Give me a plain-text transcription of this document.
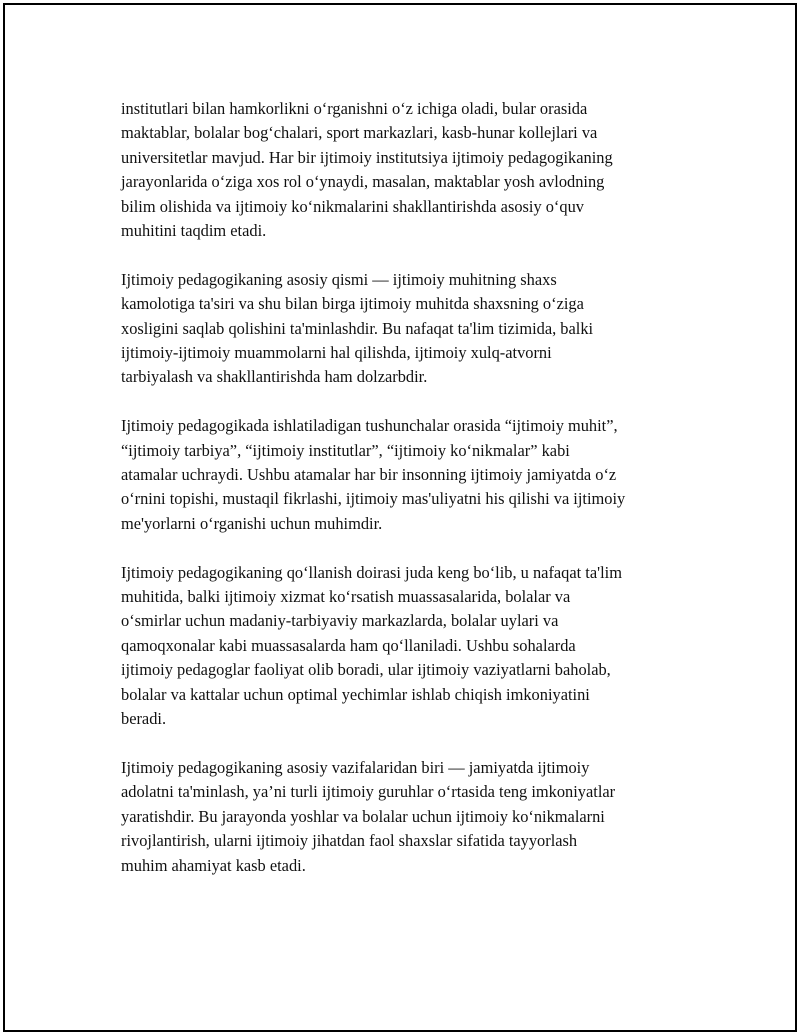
institutlari bilan hamkorlikni o‘rganishni o‘z ichiga oladi, bular orasida
maktablar, bolalar bog‘chalari, sport markazlari, kasb-hunar kollejlari va
universitetlar mavjud. Har bir ijtimoiy institutsiya ijtimoiy pedagogikaning
jarayonlarida o‘ziga xos rol o‘ynaydi, masalan, maktablar yosh avlodning
bilim olishida va ijtimoiy ko‘nikmalarini shakllantirishda asosiy o‘quv
muhitini taqdim etadi.

Ijtimoiy pedagogikaning asosiy qismi — ijtimoiy muhitning shaxs
kamolotiga ta'siri va shu bilan birga ijtimoiy muhitda shaxsning o‘ziga
xosligini saqlab qolishini ta'minlashdir. Bu nafaqat ta'lim tizimida, balki
ijtimoiy-ijtimoiy muammolarni hal qilishda, ijtimoiy xulq-atvorni
tarbiyalash va shakllantirishda ham dolzarbdir.

Ijtimoiy pedagogikada ishlatiladigan tushunchalar orasida “ijtimoiy muhit”,
“ijtimoiy tarbiya”, “ijtimoiy institutlar”, “ijtimoiy ko‘nikmalar” kabi
atamalar uchraydi. Ushbu atamalar har bir insonning ijtimoiy jamiyatda o‘z
o‘rnini topishi, mustaqil fikrlashi, ijtimoiy mas'uliyatni his qilishi va ijtimoiy
me'yorlarni o‘rganishi uchun muhimdir.

Ijtimoiy pedagogikaning qo‘llanish doirasi juda keng bo‘lib, u nafaqat ta'lim
muhitida, balki ijtimoiy xizmat ko‘rsatish muassasalarida, bolalar va
o‘smirlar uchun madaniy-tarbiyaviy markazlarda, bolalar uylari va
qamoqxonalar kabi muassasalarda ham qo‘llaniladi. Ushbu sohalarda
ijtimoiy pedagoglar faoliyat olib boradi, ular ijtimoiy vaziyatlarni baholab,
bolalar va kattalar uchun optimal yechimlar ishlab chiqish imkoniyatini
beradi.

Ijtimoiy pedagogikaning asosiy vazifalaridan biri — jamiyatda ijtimoiy
adolatni ta'minlash, ya’ni turli ijtimoiy guruhlar o‘rtasida teng imkoniyatlar
yaratishdir. Bu jarayonda yoshlar va bolalar uchun ijtimoiy ko‘nikmalarni
rivojlantirish, ularni ijtimoiy jihatdan faol shaxslar sifatida tayyorlash
muhim ahamiyat kasb etadi.
